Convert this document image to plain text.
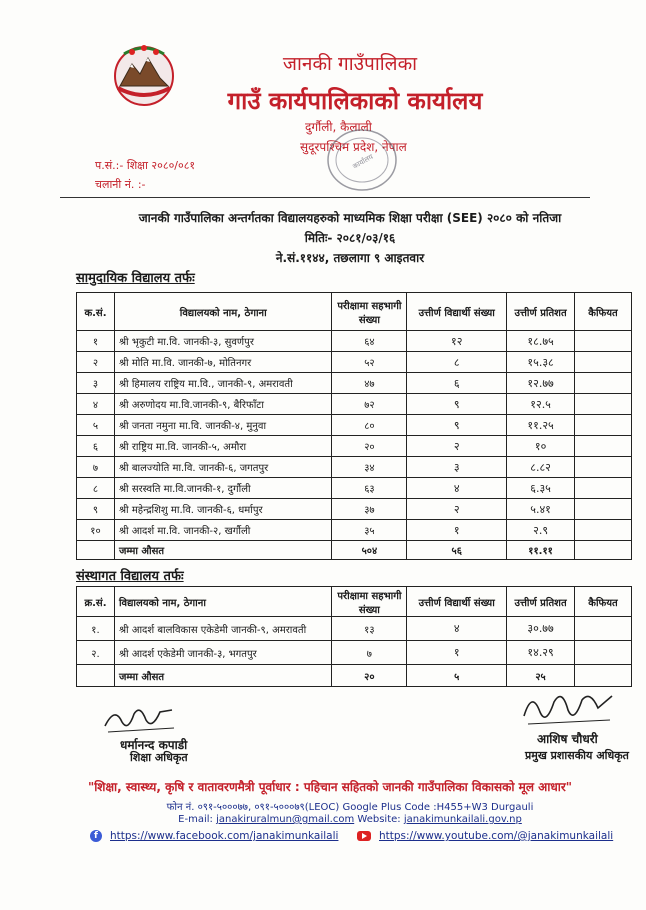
जानकी गाउँपालिका
गाउँ कार्यपालिकाको कार्यालय
दुर्गौली, कैलाली
सुदूरपश्चिम प्रदेश, नेपाल
प.सं.:- शिक्षा २०८०/०८१
चलानी नं. :-
कार्यालय
जानकी गाउँपालिका अन्तर्गतका विद्यालयहरुको माध्यमिक शिक्षा परीक्षा (SEE) २०८० को नतिजा
मितिः- २०८१/०३/१६
ने.सं.११४४, तछलागा ९ आइतवार
सामुदायिक विद्यालय तर्फः
क.सं.	विद्यालयको नाम, ठेगाना	परीक्षामा सहभागी संख्या	उत्तीर्ण विद्यार्थी संख्या	उत्तीर्ण प्रतिशत	कैफियत
१	श्री भृकुटी मा.वि. जानकी-३, सुवर्णपुर	६४	१२	१८.७५	
२	श्री मोति मा.वि. जानकी-७, मोतिनगर	५२	८	१५.३८	
३	श्री हिमालय राष्ट्रिय मा.वि., जानकी-९, अमरावती	४७	६	१२.७७	
४	श्री अरुणोदय मा.वि.जानकी-९, बैरिफाँटा	७२	९	१२.५	
५	श्री जनता नमुना मा.वि. जानकी-४, मुनुवा	८०	९	११.२५	
६	श्री राष्ट्रिय मा.वि. जानकी-५, अमौरा	२०	२	१०	
७	श्री बालज्योति मा.वि. जानकी-६, जगतपुर	३४	३	८.८२	
८	श्री सरस्वति मा.वि.जानकी-१, दुर्गौली	६३	४	६.३५	
९	श्री महेन्द्रशिशु मा.वि. जानकी-६, धर्मापुर	३७	२	५.४१	
१०	श्री आदर्श मा.वि. जानकी-२, खर्गौली	३५	१	२.९	
	जम्मा औसत	५०४	५६	११.११	
संस्थागत विद्यालय तर्फः
क्र.सं.	विद्यालयको नाम, ठेगाना	परीक्षामा सहभागी संख्या	उत्तीर्ण विद्यार्थी संख्या	उत्तीर्ण प्रतिशत	कैफियत
१.	श्री आदर्श बालविकास एकेडेमी जानकी-९, अमरावती	१३	४	३०.७७	
२.	श्री आदर्श एकेडेमी जानकी-३, भगतपुर	७	१	१४.२९	
	जम्मा औसत	२०	५	२५	
धर्मानन्द कपाडी
शिक्षा अधिकृत
आशिष चौधरी
प्रमुख प्रशासकीय अधिकृत
"शिक्षा, स्वास्थ्य, कृषि र वातावरणमैत्री पूर्वाधार : पहिचान सहितको जानकी गाउँपालिका विकासको मूल आधार"
फोन नं. ०९१-५०००७७, ०९१-५०००७९(LEOC) Google Plus Code :H455+W3 Durgauli
E-mail: janakiruralmun@gmail.com Website: janakimunkailali.gov.np
f https://www.facebook.com/janakimunkailali	https://www.youtube.com/@janakimunkailali
